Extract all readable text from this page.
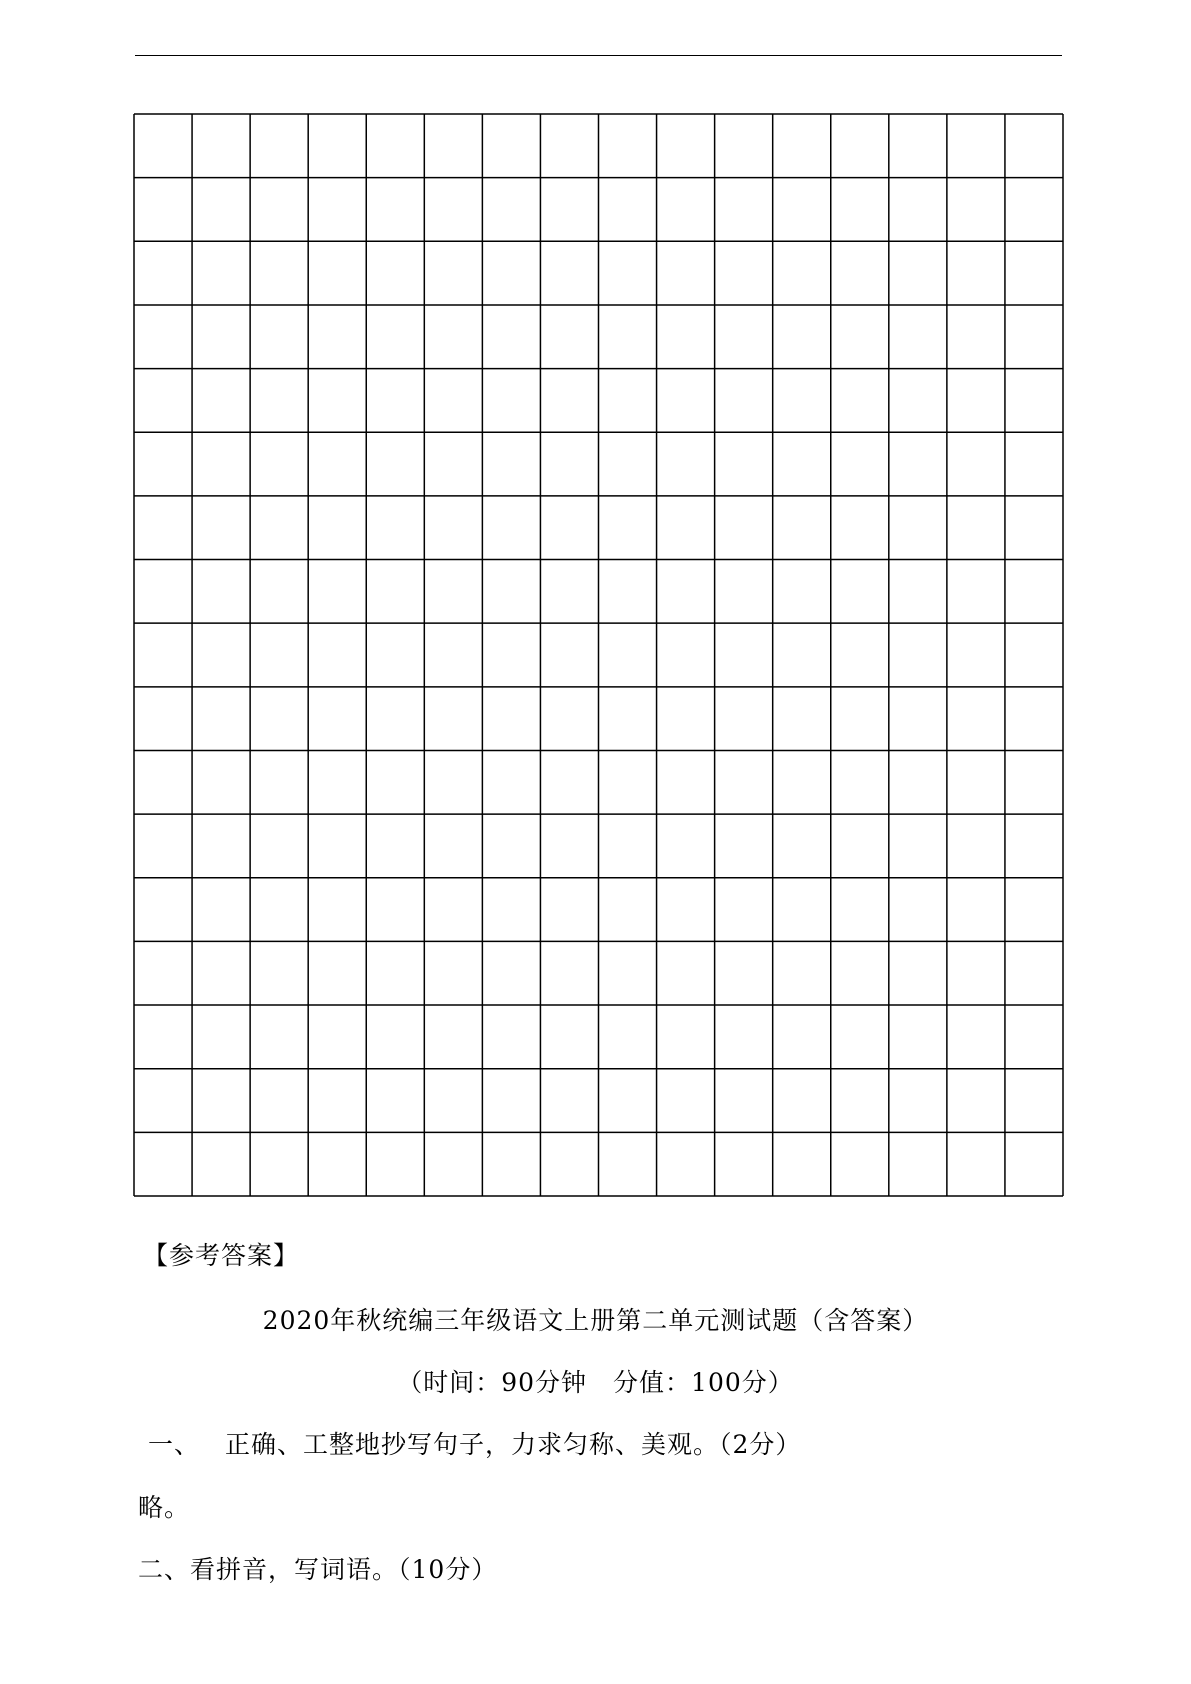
【参考答案】
2020年秋统编三年级语文上册第二单元测试题（含答案）
（时间：90分钟　分值：100分）
一、 正确、工整地抄写句子，力求匀称、美观。（2分）
略。
二、看拼音，写词语。（10分）
